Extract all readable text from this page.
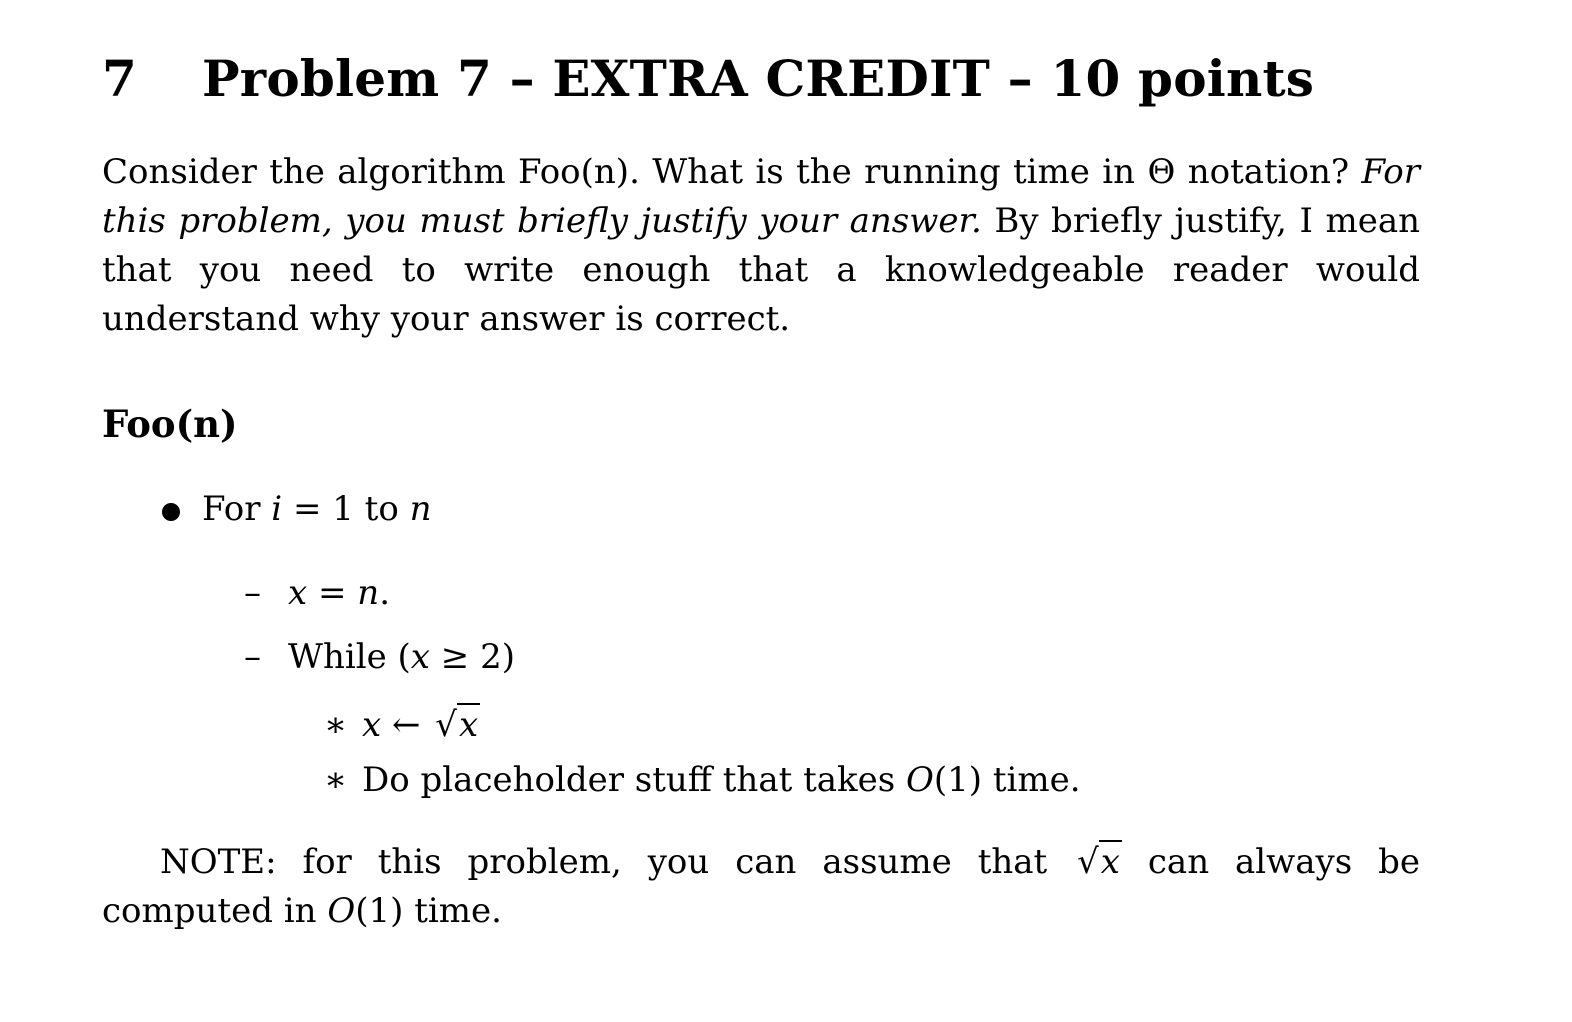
7 Problem 7 – EXTRA CREDIT – 10 points
Consider the algorithm Foo(n). What is the running time in Θ notation? For this problem, you must briefly justify your answer. By briefly justify, I mean that you need to write enough that a knowledgeable reader would understand why your answer is correct.
Foo(n)
For i = 1 to n
– x = n.
– While (x ≥ 2)
∗ x ← √x
∗ Do placeholder stuff that takes O(1) time.
NOTE: for this problem, you can assume that √x can always be computed in O(1) time.
